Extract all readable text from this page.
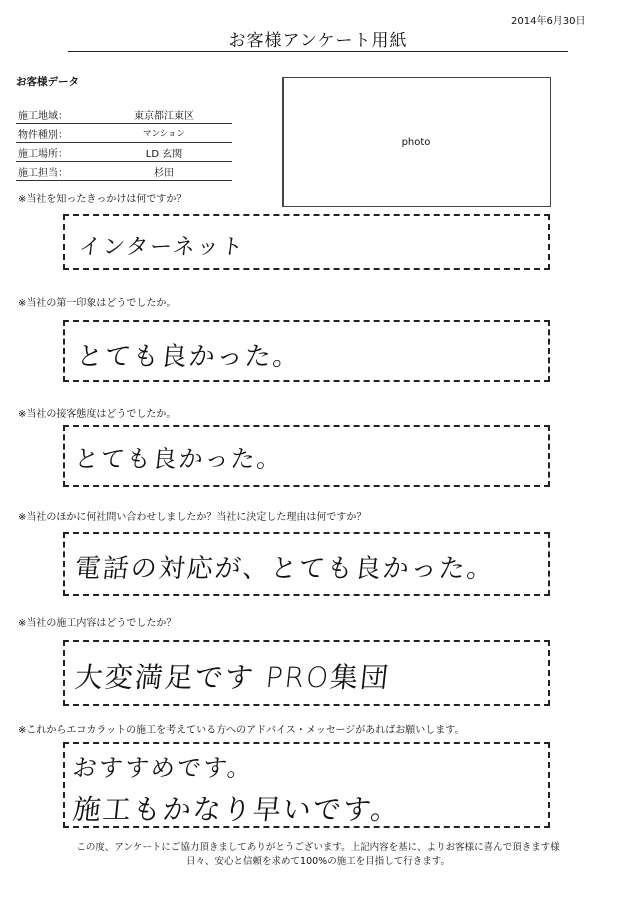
2014年6月30日
お客様アンケート用紙
お客様データ
施工地域：	東京都江東区
物件種別：	マンション
施工場所：	LD 玄関
施工担当：	杉田
photo
※当社を知ったきっかけは何ですか？
インターネット
※当社の第一印象はどうでしたか。
とても良かった。
※当社の接客態度はどうでしたか。
とても良かった。
※当社のほかに何社問い合わせしましたか？当社に決定した理由は何ですか？
電話の対応が、とても良かった。
※当社の施工内容はどうでしたか？
大変満足です PRO集団
※これからエコカラットの施工を考えている方へのアドバイス・メッセージがあればお願いします。
おすすめです。
施工もかなり早いです。
この度、アンケートにご協力頂きましてありがとうございます。上記内容を基に、よりお客様に喜んで頂きます様
日々、安心と信頼を求めて100%の施工を目指して行きます。
